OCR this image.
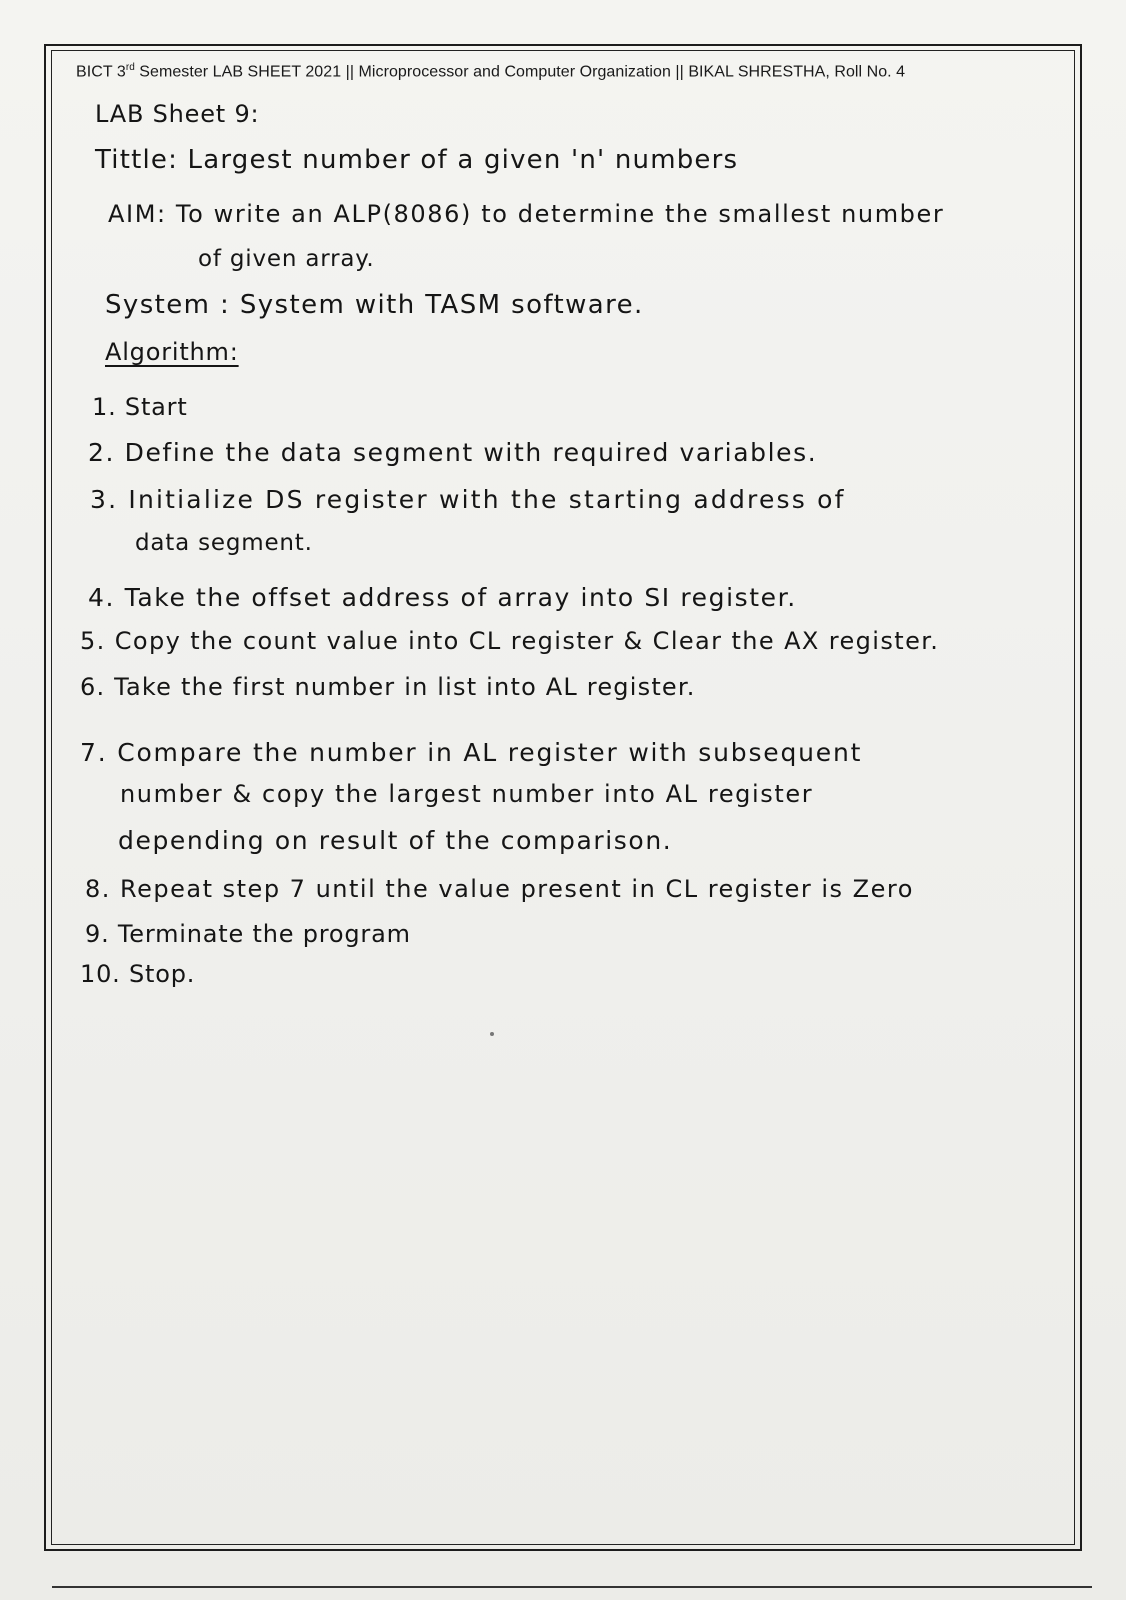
BICT 3rd Semester LAB SHEET 2021 || Microprocessor and Computer Organization || BIKAL SHRESTHA, Roll No. 4
LAB Sheet 9:
Tittle: Largest number of a given 'n' numbers
AIM: To write an ALP(8086) to determine the smallest number
of given array.
System : System with TASM software.
Algorithm:
1. Start
2. Define the data segment with required variables.
3. Initialize DS register with the starting address of
data segment.
4. Take the offset address of array into SI register.
5. Copy the count value into CL register & Clear the AX register.
6. Take the first number in list into AL register.
7. Compare the number in AL register with subsequent
number & copy the largest number into AL register
depending on result of the comparison.
8. Repeat step 7 until the value present in CL register is Zero
9. Terminate the program
10. Stop.
